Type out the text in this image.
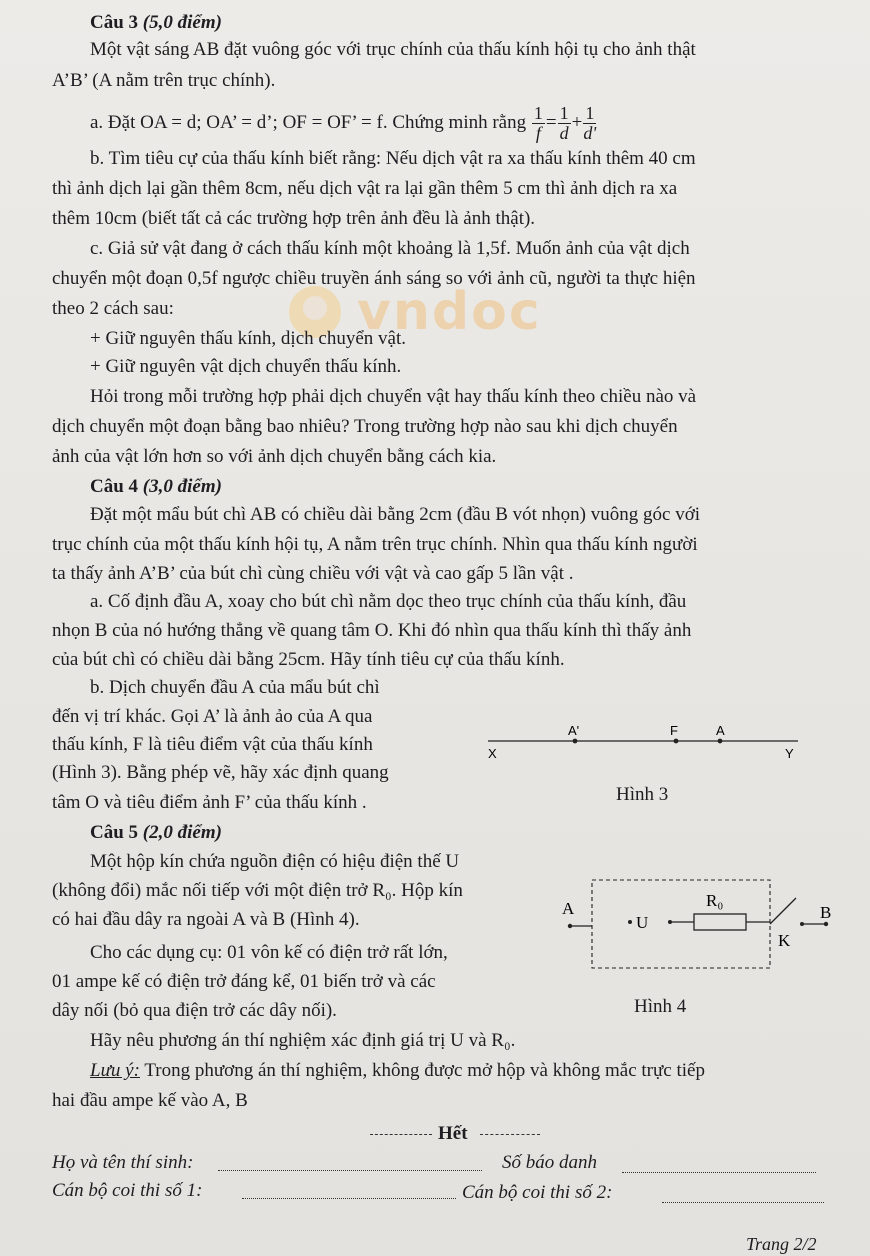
vndoc
Câu 3 (5,0 điểm)
Một vật sáng AB đặt vuông góc với trục chính của thấu kính hội tụ cho ảnh thật
A’B’ (A nằm trên trục chính).
a. Đặt OA = d; OA’ = d’; OF = OF’ = f. Chứng minh rằng $\frac{1}{f} = \frac{1}{d} + \frac{1}{d'}$
b. Tìm tiêu cự của thấu kính biết rằng: Nếu dịch vật ra xa thấu kính thêm 40 cm
thì ảnh dịch lại gần thêm 8cm, nếu dịch vật ra lại gần thêm 5 cm thì ảnh dịch ra xa
thêm 10cm (biết tất cả các trường hợp trên ảnh đều là ảnh thật).
c. Giả sử vật đang ở cách thấu kính một khoảng là 1,5f. Muốn ảnh của vật dịch
chuyển một đoạn 0,5f ngược chiều truyền ánh sáng so với ảnh cũ, người ta thực hiện
theo 2 cách sau:
+ Giữ nguyên thấu kính, dịch chuyển vật.
+ Giữ nguyên vật dịch chuyển thấu kính.
Hỏi trong mỗi trường hợp phải dịch chuyển vật hay thấu kính theo chiều nào và
dịch chuyển một đoạn bằng bao nhiêu? Trong trường hợp nào sau khi dịch chuyển
ảnh của vật lớn hơn so với ảnh dịch chuyển bằng cách kia.
Câu 4 (3,0 điểm)
Đặt một mẩu bút chì AB có chiều dài bằng 2cm (đầu B vót nhọn) vuông góc với
trục chính của một thấu kính hội tụ, A nằm trên trục chính. Nhìn qua thấu kính người
ta thấy ảnh A’B’ của bút chì cùng chiều với vật và cao gấp 5 lần vật .
a. Cố định đầu A, xoay cho bút chì nằm dọc theo trục chính của thấu kính, đầu
nhọn B của nó hướng thẳng về quang tâm O. Khi đó nhìn qua thấu kính thì thấy ảnh
của bút chì có chiều dài bằng 25cm. Hãy tính tiêu cự của thấu kính.
b. Dịch chuyển đầu A của mẩu bút chì
đến vị trí khác. Gọi A’ là ảnh ảo của A qua
thấu kính, F là tiêu điểm vật của thấu kính
(Hình 3). Bằng phép vẽ, hãy xác định quang
tâm O và tiêu điểm ảnh F’ của thấu kính .
A'	F	A
X	Y
Hình 3
Câu 5 (2,0 điểm)
Một hộp kín chứa nguồn điện có hiệu điện thế U
(không đổi) mắc nối tiếp với một điện trở R₀. Hộp kín
có hai đầu dây ra ngoài A và B (Hình 4).
Cho các dụng cụ: 01 vôn kế có điện trở rất lớn,
01 ampe kế có điện trở đáng kể, 01 biến trở và các
dây nối (bỏ qua điện trở các dây nối).
Hãy nêu phương án thí nghiệm xác định giá trị U và R₀.
Lưu ý: Trong phương án thí nghiệm, không được mở hộp và không mắc trực tiếp
hai đầu ampe kế vào A, B
A
U
R₀
K
B
Hình 4
Hết
Họ và tên thí sinh:	Số báo danh
Cán bộ coi thi số 1:	Cán bộ coi thi số 2:
Trang 2/2
